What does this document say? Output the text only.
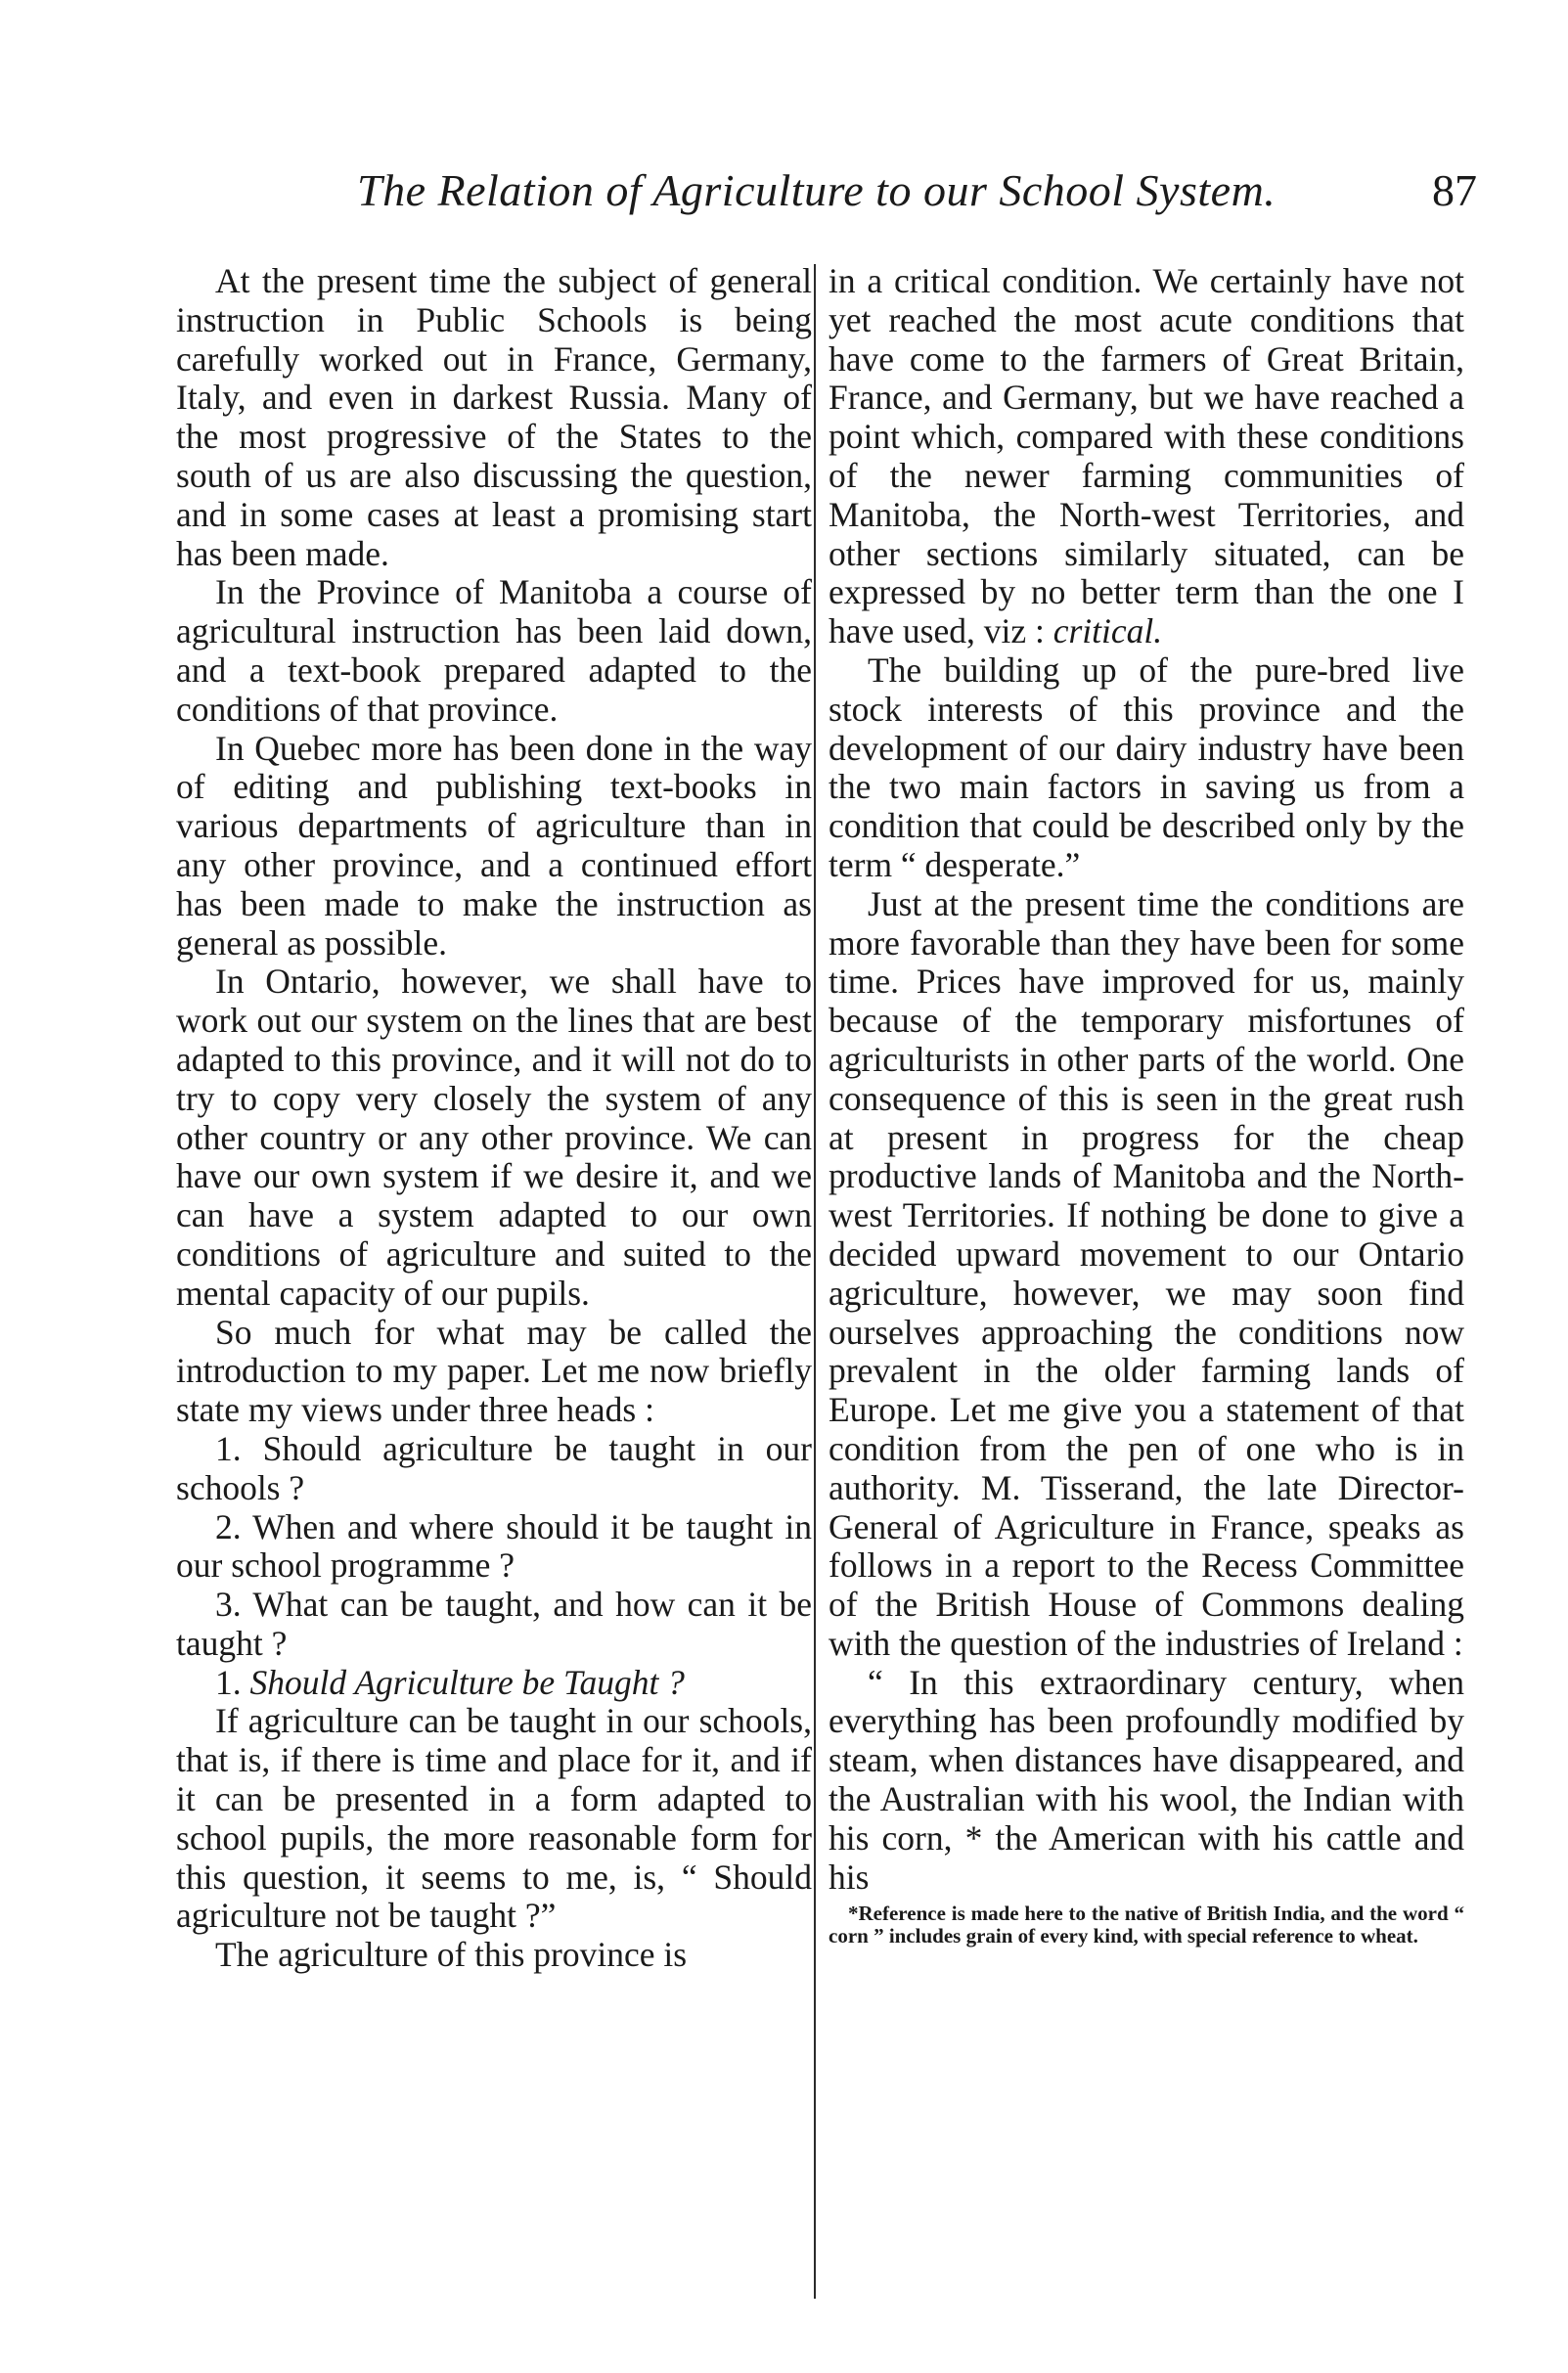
The Relation of Agriculture to our School System.	87

At the present time the subject of general instruction in Public Schools is being carefully worked out in France, Germany, Italy, and even in darkest Russia. Many of the most progressive of the States to the south of us are also discussing the question, and in some cases at least a promising start has been made.

In the Province of Manitoba a course of agricultural instruction has been laid down, and a text-book prepared adapted to the conditions of that province.

In Quebec more has been done in the way of editing and publishing text-books in various departments of agriculture than in any other province, and a continued effort has been made to make the instruction as general as possible.

In Ontario, however, we shall have to work out our system on the lines that are best adapted to this province, and it will not do to try to copy very closely the system of any other country or any other province. We can have our own system if we desire it, and we can have a system adapted to our own conditions of agriculture and suited to the mental capacity of our pupils.

So much for what may be called the introduction to my paper. Let me now briefly state my views under three heads :

1. Should agriculture be taught in our schools ?

2. When and where should it be taught in our school programme ?

3. What can be taught, and how can it be taught ?

1. Should Agriculture be Taught ?

If agriculture can be taught in our schools, that is, if there is time and place for it, and if it can be presented in a form adapted to school pupils, the more reasonable form for this question, it seems to me, is, “ Should agriculture not be taught ?”

The agriculture of this province is

in a critical condition. We certainly have not yet reached the most acute conditions that have come to the farmers of Great Britain, France, and Germany, but we have reached a point which, compared with these conditions of the newer farming communities of Manitoba, the North-west Territories, and other sections similarly situated, can be expressed by no better term than the one I have used, viz : critical.

The building up of the pure-bred live stock interests of this province and the development of our dairy industry have been the two main factors in saving us from a condition that could be described only by the term “ desperate.”

Just at the present time the conditions are more favorable than they have been for some time. Prices have improved for us, mainly because of the temporary misfortunes of agriculturists in other parts of the world. One consequence of this is seen in the great rush at present in progress for the cheap productive lands of Manitoba and the North-west Territories. If nothing be done to give a decided upward movement to our Ontario agriculture, however, we may soon find ourselves approaching the conditions now prevalent in the older farming lands of Europe. Let me give you a statement of that condition from the pen of one who is in authority. M. Tisserand, the late Director-General of Agriculture in France, speaks as follows in a report to the Recess Committee of the British House of Commons dealing with the question of the industries of Ireland :

“ In this extraordinary century, when everything has been profoundly modified by steam, when distances have disappeared, and the Australian with his wool, the Indian with his corn, * the American with his cattle and his

*Reference is made here to the native of British India, and the word “ corn ” includes grain of every kind, with special reference to wheat.
